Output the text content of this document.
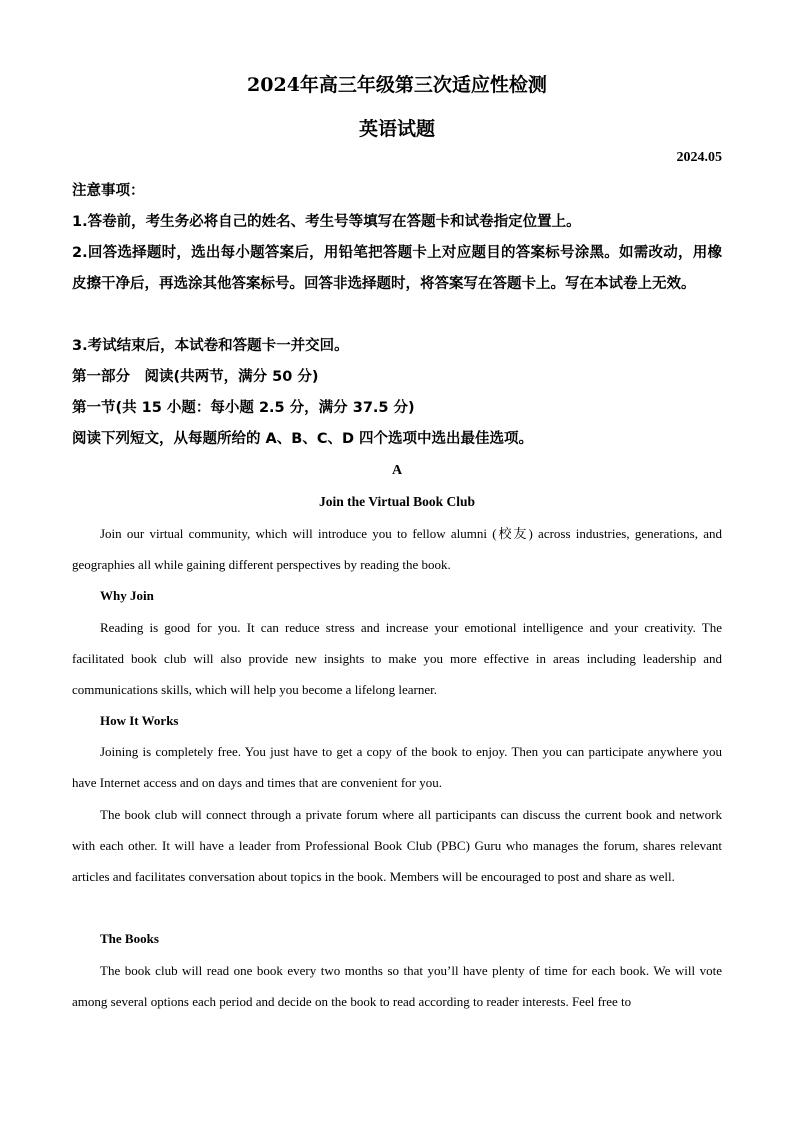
2024年高三年级第三次适应性检测
英语试题
2024.05
注意事项：
1.答卷前，考生务必将自己的姓名、考生号等填写在答题卡和试卷指定位置上。
2.回答选择题时，选出每小题答案后，用铅笔把答题卡上对应题目的答案标号涂黑。如需改动，用橡皮擦干净后，再选涂其他答案标号。回答非选择题时，将答案写在答题卡上。写在本试卷上无效。
3.考试结束后，本试卷和答题卡一并交回。
第一部分　阅读(共两节，满分 50 分)
第一节(共 15 小题：每小题 2.5 分，满分 37.5 分)
阅读下列短文，从每题所给的 A、B、C、D 四个选项中选出最佳选项。
A
Join the Virtual Book Club
Join our virtual community, which will introduce you to fellow alumni (校友) across industries, generations, and geographies all while gaining different perspectives by reading the book.
Why Join
Reading is good for you. It can reduce stress and increase your emotional intelligence and your creativity. The facilitated book club will also provide new insights to make you more effective in areas including leadership and communications skills, which will help you become a lifelong learner.
How It Works
Joining is completely free. You just have to get a copy of the book to enjoy. Then you can participate anywhere you have Internet access and on days and times that are convenient for you.
The book club will connect through a private forum where all participants can discuss the current book and network with each other. It will have a leader from Professional Book Club (PBC) Guru who manages the forum, shares relevant articles and facilitates conversation about topics in the book. Members will be encouraged to post and share as well.
The Books
The book club will read one book every two months so that you’ll have plenty of time for each book. We will vote among several options each period and decide on the book to read according to reader interests. Feel free to
